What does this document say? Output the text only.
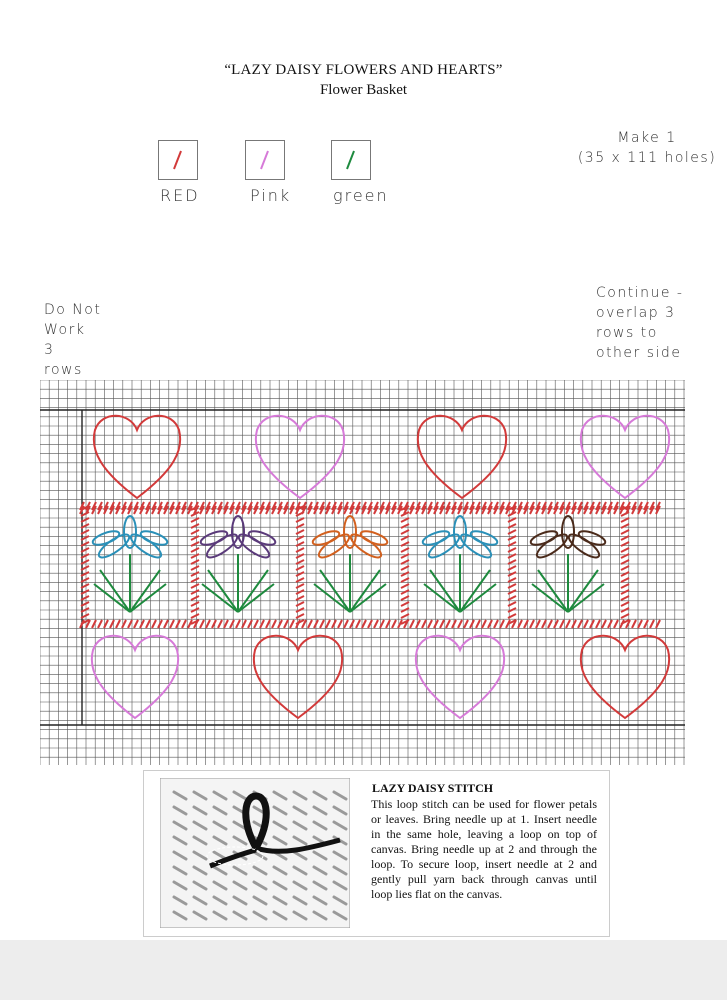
“LAZY DAISY FLOWERS AND HEARTS”
Flower Basket
RED	Pink	green
Make 1
(35 x 111 holes)
Do Not
Work
3
rows
Continue -
overlap 3
rows to
other side
LAZY DAISY STITCH
This loop stitch can be used for flower petals or leaves. Bring needle up at 1. Insert needle in the same hole, leaving a loop on top of canvas. Bring needle up at 2 and through the loop. To secure loop, insert needle at 2 and gently pull yarn back through canvas until loop lies flat on the canvas.
